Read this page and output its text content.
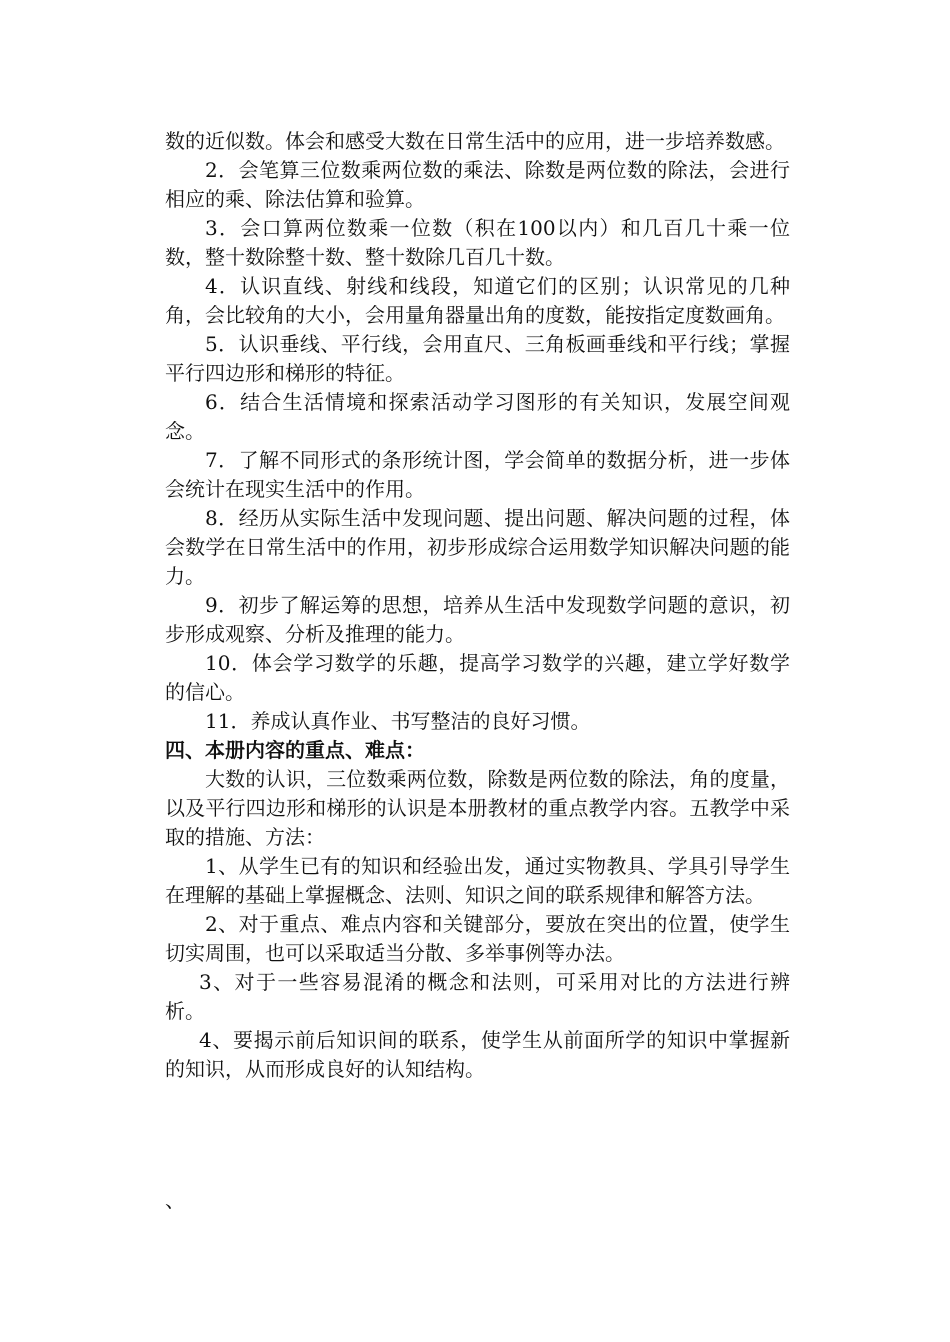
数的近似数。体会和感受大数在日常生活中的应用，进一步培养数感。

2．会笔算三位数乘两位数的乘法、除数是两位数的除法，会进行相应的乘、除法估算和验算。

3．会口算两位数乘一位数（积在100以内）和几百几十乘一位数，整十数除整十数、整十数除几百几十数。

4．认识直线、射线和线段，知道它们的区别；认识常见的几种角，会比较角的大小，会用量角器量出角的度数，能按指定度数画角。

5．认识垂线、平行线，会用直尺、三角板画垂线和平行线；掌握平行四边形和梯形的特征。

6．结合生活情境和探索活动学习图形的有关知识，发展空间观念。

7．了解不同形式的条形统计图，学会简单的数据分析，进一步体会统计在现实生活中的作用。

8．经历从实际生活中发现问题、提出问题、解决问题的过程，体会数学在日常生活中的作用，初步形成综合运用数学知识解决问题的能力。

9．初步了解运筹的思想，培养从生活中发现数学问题的意识，初步形成观察、分析及推理的能力。

10．体会学习数学的乐趣，提高学习数学的兴趣，建立学好数学的信心。

11．养成认真作业、书写整洁的良好习惯。

四、本册内容的重点、难点：

大数的认识，三位数乘两位数，除数是两位数的除法，角的度量，以及平行四边形和梯形的认识是本册教材的重点教学内容。五教学中采取的措施、方法：

1、从学生已有的知识和经验出发，通过实物教具、学具引导学生在理解的基础上掌握概念、法则、知识之间的联系规律和解答方法。

2、对于重点、难点内容和关键部分，要放在突出的位置，使学生切实周围，也可以采取适当分散、多举事例等办法。

3、对于一些容易混淆的概念和法则，可采用对比的方法进行辨析。

4、要揭示前后知识间的联系，使学生从前面所学的知识中掌握新的知识，从而形成良好的认知结构。

、
